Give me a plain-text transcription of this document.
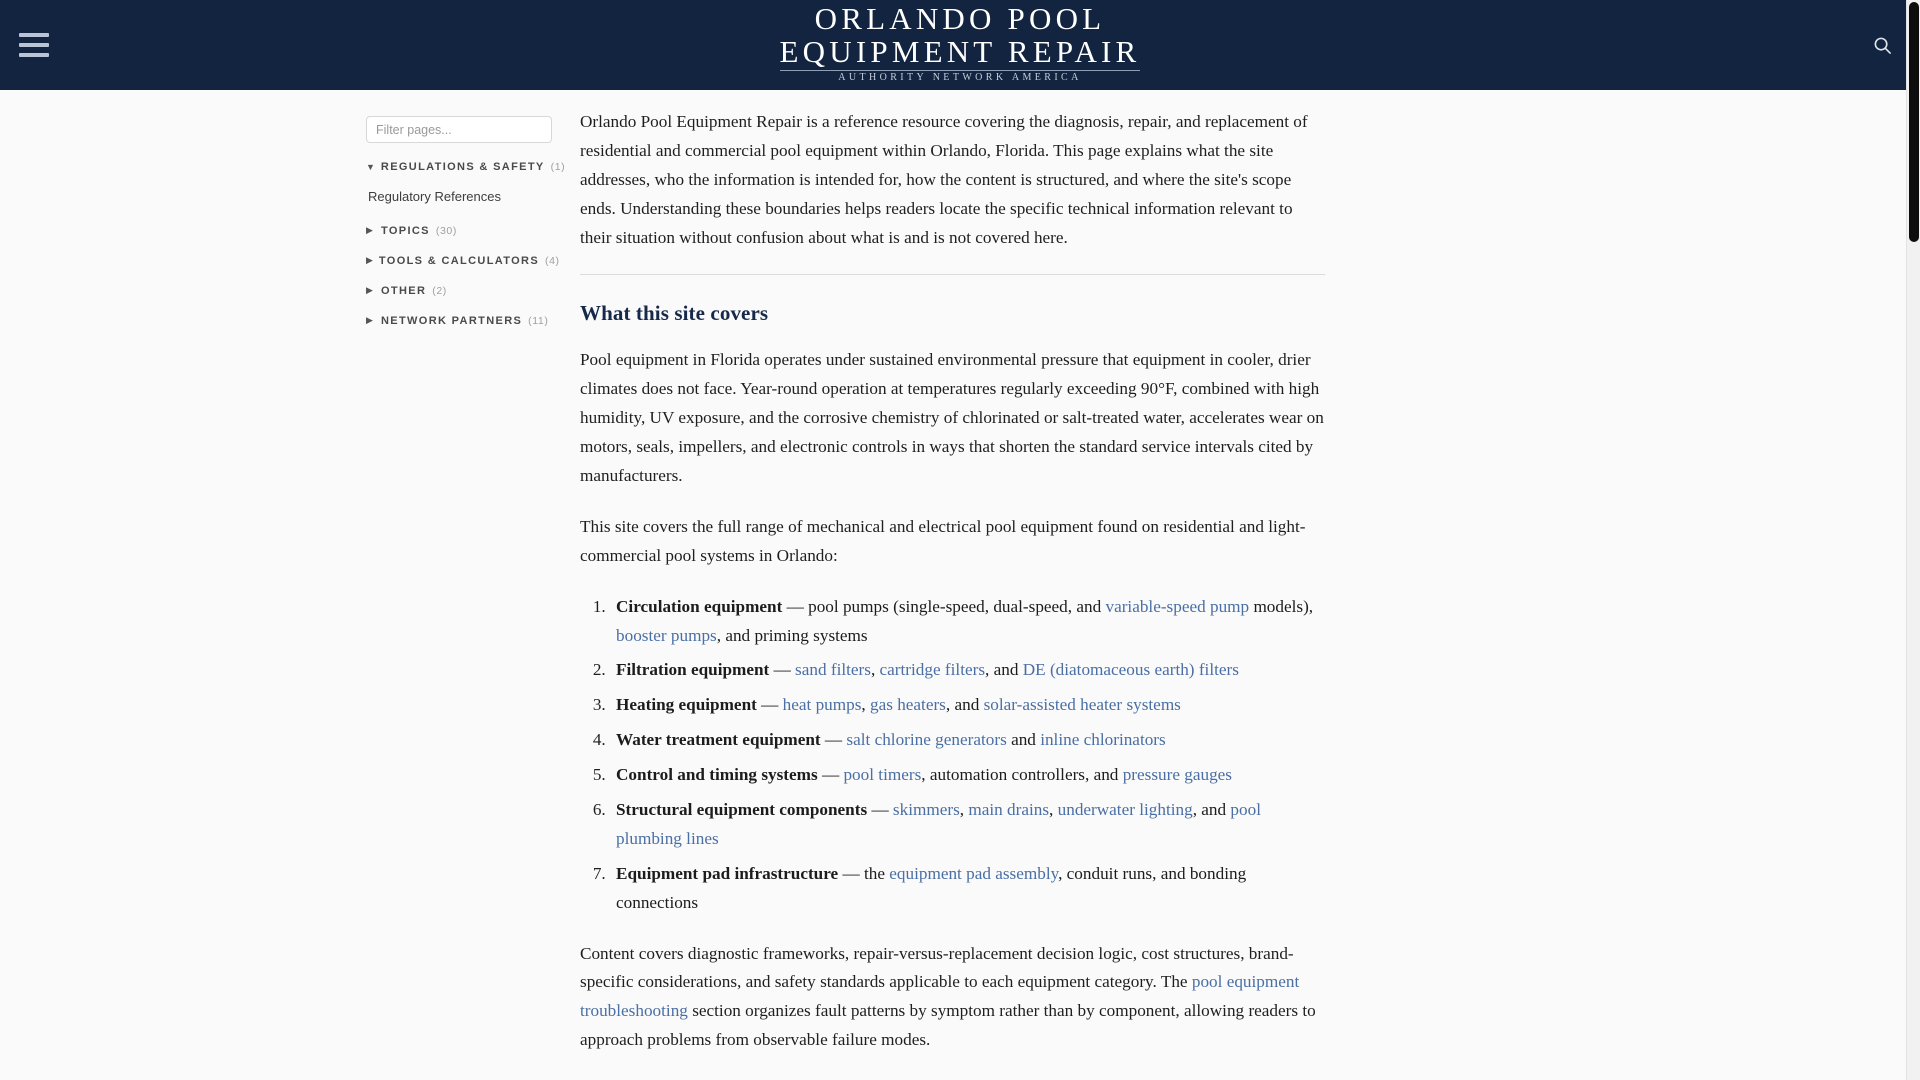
ORLANDO POOL
EQUIPMENT REPAIR
AUTHORITY NETWORK AMERICA
Filter pages...
▼ REGULATIONS & SAFETY (1)
Regulatory References
▶ TOPICS (30)
▶ TOOLS & CALCULATORS (4)
▶ OTHER (2)
▶ NETWORK PARTNERS (11)

Orlando Pool Equipment Repair is a reference resource covering the diagnosis, repair, and replacement of residential and commercial pool equipment within Orlando, Florida. This page explains what the site addresses, who the information is intended for, how the content is structured, and where the site's scope ends. Understanding these boundaries helps readers locate the specific technical information relevant to their situation without confusion about what is and is not covered here.

What this site covers

Pool equipment in Florida operates under sustained environmental pressure that equipment in cooler, drier climates does not face. Year-round operation at temperatures regularly exceeding 90°F, combined with high humidity, UV exposure, and the corrosive chemistry of chlorinated or salt-treated water, accelerates wear on motors, seals, impellers, and electronic controls in ways that shorten the standard service intervals cited by manufacturers.

This site covers the full range of mechanical and electrical pool equipment found on residential and light-commercial pool systems in Orlando:

1. Circulation equipment — pool pumps (single-speed, dual-speed, and variable-speed pump models), booster pumps, and priming systems
2. Filtration equipment — sand filters, cartridge filters, and DE (diatomaceous earth) filters
3. Heating equipment — heat pumps, gas heaters, and solar-assisted heater systems
4. Water treatment equipment — salt chlorine generators and inline chlorinators
5. Control and timing systems — pool timers, automation controllers, and pressure gauges
6. Structural equipment components — skimmers, main drains, underwater lighting, and pool plumbing lines
7. Equipment pad infrastructure — the equipment pad assembly, conduit runs, and bonding connections

Content covers diagnostic frameworks, repair-versus-replacement decision logic, cost structures, brand-specific considerations, and safety standards applicable to each equipment category. The pool equipment troubleshooting section organizes fault patterns by symptom rather than by component, allowing readers to approach problems from observable failure modes.
